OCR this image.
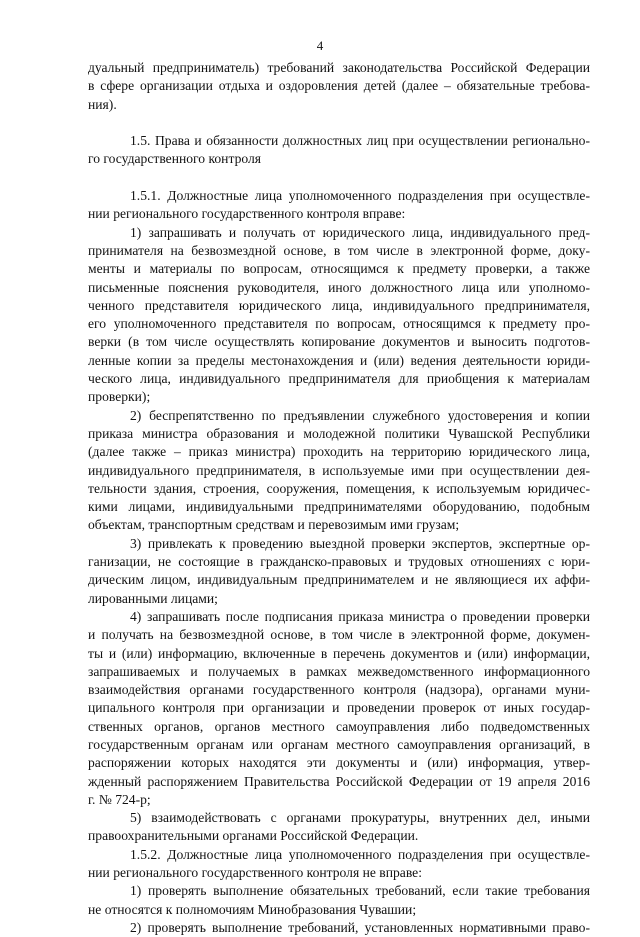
4
дуальный предприниматель) требований законодательства Российской Федерации
в сфере организации отдыха и оздоровления детей (далее – обязательные требова-
ния).
1.5. Права и обязанности должностных лиц при осуществлении регионально-
го государственного контроля
1.5.1. Должностные лица уполномоченного подразделения при осуществле-
нии регионального государственного контроля вправе:
1) запрашивать и получать от юридического лица, индивидуального пред-
принимателя на безвозмездной основе, в том числе в электронной форме, доку-
менты и материалы по вопросам, относящимся к предмету проверки, а также
письменные пояснения руководителя, иного должностного лица или уполномо-
ченного представителя юридического лица, индивидуального предпринимателя,
его уполномоченного представителя по вопросам, относящимся к предмету про-
верки (в том числе осуществлять копирование документов и выносить подготов-
ленные копии за пределы местонахождения и (или) ведения деятельности юриди-
ческого лица, индивидуального предпринимателя для приобщения к материалам
проверки);
2) беспрепятственно по предъявлении служебного удостоверения и копии
приказа министра образования и молодежной политики Чувашской Республики
(далее также – приказ министра) проходить на территорию юридического лица,
индивидуального предпринимателя, в используемые ими при осуществлении дея-
тельности здания, строения, сооружения, помещения, к используемым юридичес-
кими лицами, индивидуальными предпринимателями оборудованию, подобным
объектам, транспортным средствам и перевозимым ими грузам;
3) привлекать к проведению выездной проверки экспертов, экспертные ор-
ганизации, не состоящие в гражданско-правовых и трудовых отношениях с юри-
дическим лицом, индивидуальным предпринимателем и не являющиеся их аффи-
лированными лицами;
4) запрашивать после подписания приказа министра о проведении проверки
и получать на безвозмездной основе, в том числе в электронной форме, докумен-
ты и (или) информацию, включенные в перечень документов и (или) информации,
запрашиваемых и получаемых в рамках межведомственного информационного
взаимодействия органами государственного контроля (надзора), органами муни-
ципального контроля при организации и проведении проверок от иных государ-
ственных органов, органов местного самоуправления либо подведомственных
государственным органам или органам местного самоуправления организаций, в
распоряжении которых находятся эти документы и (или) информация, утвер-
жденный распоряжением Правительства Российской Федерации от 19 апреля 2016
г. № 724-р;
5) взаимодействовать с органами прокуратуры, внутренних дел, иными
правоохранительными органами Российской Федерации.
1.5.2. Должностные лица уполномоченного подразделения при осуществле-
нии регионального государственного контроля не вправе:
1) проверять выполнение обязательных требований, если такие требования
не относятся к полномочиям Минобразования Чувашии;
2) проверять выполнение требований, установленных нормативными право-
